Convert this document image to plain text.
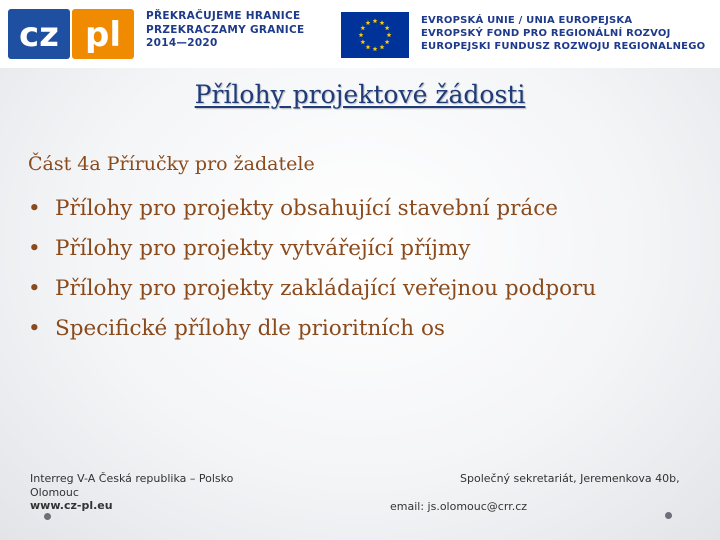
cz pl PŘEKRAČUJEME HRANICE
PRZEKRACZAMY GRANICE
2014—2020
EVROPSKÁ UNIE / UNIA EUROPEJSKA
EVROPSKÝ FOND PRO REGIONÁLNÍ ROZVOJ
EUROPEJSKI FUNDUSZ ROZWOJU REGIONALNEGO
Přílohy projektové žádosti
Část 4a Příručky pro žadatele
• Přílohy pro projekty obsahující stavební práce
• Přílohy pro projekty vytvářející příjmy
• Přílohy pro projekty zakládající veřejnou podporu
• Specifické přílohy dle prioritních os
Interreg V-A Česká republika – Polsko
Olomouc
www.cz-pl.eu
Společný sekretariát, Jeremenkova 40b,
email: js.olomouc@crr.cz
